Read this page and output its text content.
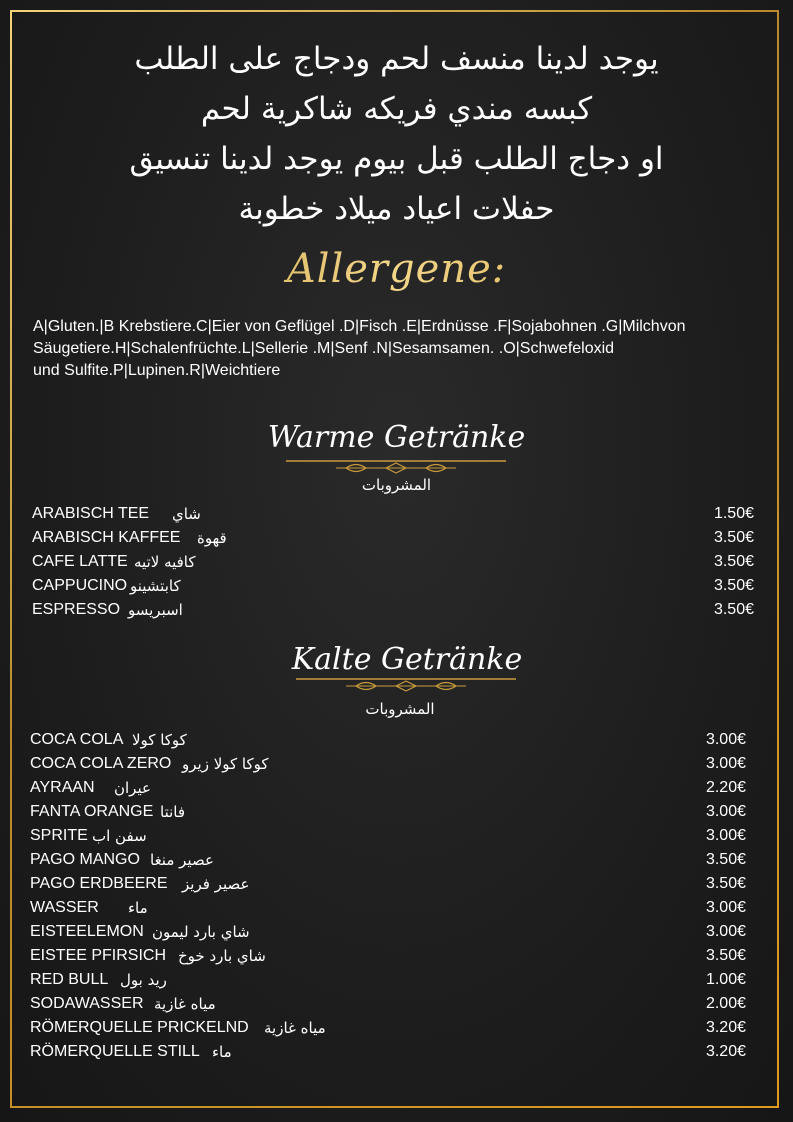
يوجد لدينا منسف لحم ودجاج على الطلب
كبسه مندي فريكه شاكرية لحم
او دجاج الطلب قبل بيوم يوجد لدينا تنسيق
حفلات اعياد ميلاد خطوبة
Allergene:
A|Gluten.|B Krebstiere.C|Eier von Geflügel .D|Fisch .E|Erdnüsse .F|Sojabohnen .G|Milchvon
Säugetiere.H|Schalenfrüchte.L|Sellerie .M|Senf .N|Sesamsamen. .O|Schwefeloxid
und Sulfite.P|Lupinen.R|Weichtiere
Warme Getränke
المشروبات
ARABISCH TEE شاي	1.50€
ARABISCH KAFFEE قهوة	3.50€
CAFE LATTE كافيه لاتيه	3.50€
CAPPUCINO كابتشينو	3.50€
ESPRESSO اسبريسو	3.50€
Kalte Getränke
المشروبات
COCA COLA كوكا كولا	3.00€
COCA COLA ZERO كوكا كولا زيرو	3.00€
AYRAAN عيران	2.20€
FANTA ORANGE فانتا	3.00€
SPRITE سفن اب	3.00€
PAGO MANGO عصير منغا	3.50€
PAGO ERDBEERE عصير فريز	3.50€
WASSER ماء	3.00€
EISTEELEMON شاي بارد ليمون	3.00€
EISTEE PFIRSICH شاي بارد خوخ	3.50€
RED BULL ريد بول	1.00€
SODAWASSER مياه غازية	2.00€
RÖMERQUELLE PRICKELND مياه غازية	3.20€
RÖMERQUELLE STILL ماء	3.20€
